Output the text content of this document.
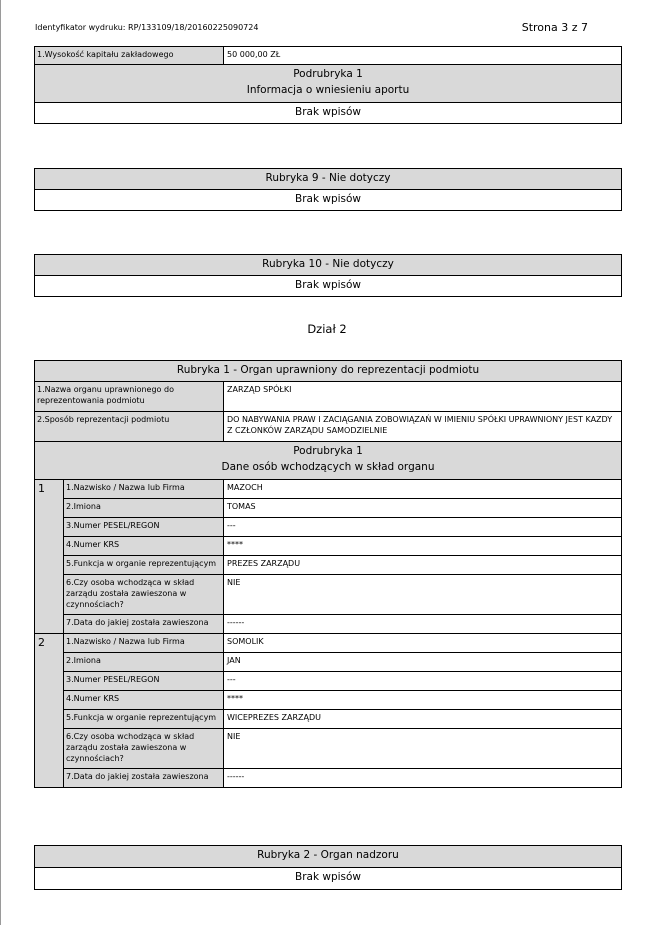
Identyfikator wydruku: RP/133109/18/20160225090724	Strona 3 z 7
1.Wysokość kapitału zakładowego	50 000,00 ZŁ

Podrubryka 1
Informacja o wniesieniu aportu

Brak wpisów
Rubryka 9 - Nie dotyczy
Brak wpisów
Rubryka 10 - Nie dotyczy
Brak wpisów
Dział 2
Rubryka 1 - Organ uprawniony do reprezentacji podmiotu		
1.Nazwa organu uprawnionego do reprezentowania podmiotu		ZARZĄD SPÓŁKI
2.Sposób reprezentacji podmiotu		DO NABYWANIA PRAW I ZACIĄGANIA ZOBOWIĄZAŃ W IMIENIU SPÓŁKI UPRAWNIONY JEST KAZDY Z CZŁONKÓW ZARZĄDU SAMODZIELNIE

Podrubryka 1
Dane osób wchodzących w skład organu		

1	1.Nazwisko / Nazwa lub Firma	MAZOCH
	2.Imiona	TOMAS
	3.Numer PESEL/REGON	---
	4.Numer KRS	****
	5.Funkcja w organie reprezentującym	PREZES ZARZĄDU
	6.Czy osoba wchodząca w skład zarządu została zawieszona w czynnościach?	NIE
	7.Data do jakiej została zawieszona	------
2	1.Nazwisko / Nazwa lub Firma	SOMOLIK
	2.Imiona	JAN
	3.Numer PESEL/REGON	---
	4.Numer KRS	****
	5.Funkcja w organie reprezentującym	WICEPREZES ZARZĄDU
	6.Czy osoba wchodząca w skład zarządu została zawieszona w czynnościach?	NIE
	7.Data do jakiej została zawieszona	------
Rubryka 2 - Organ nadzoru
Brak wpisów
